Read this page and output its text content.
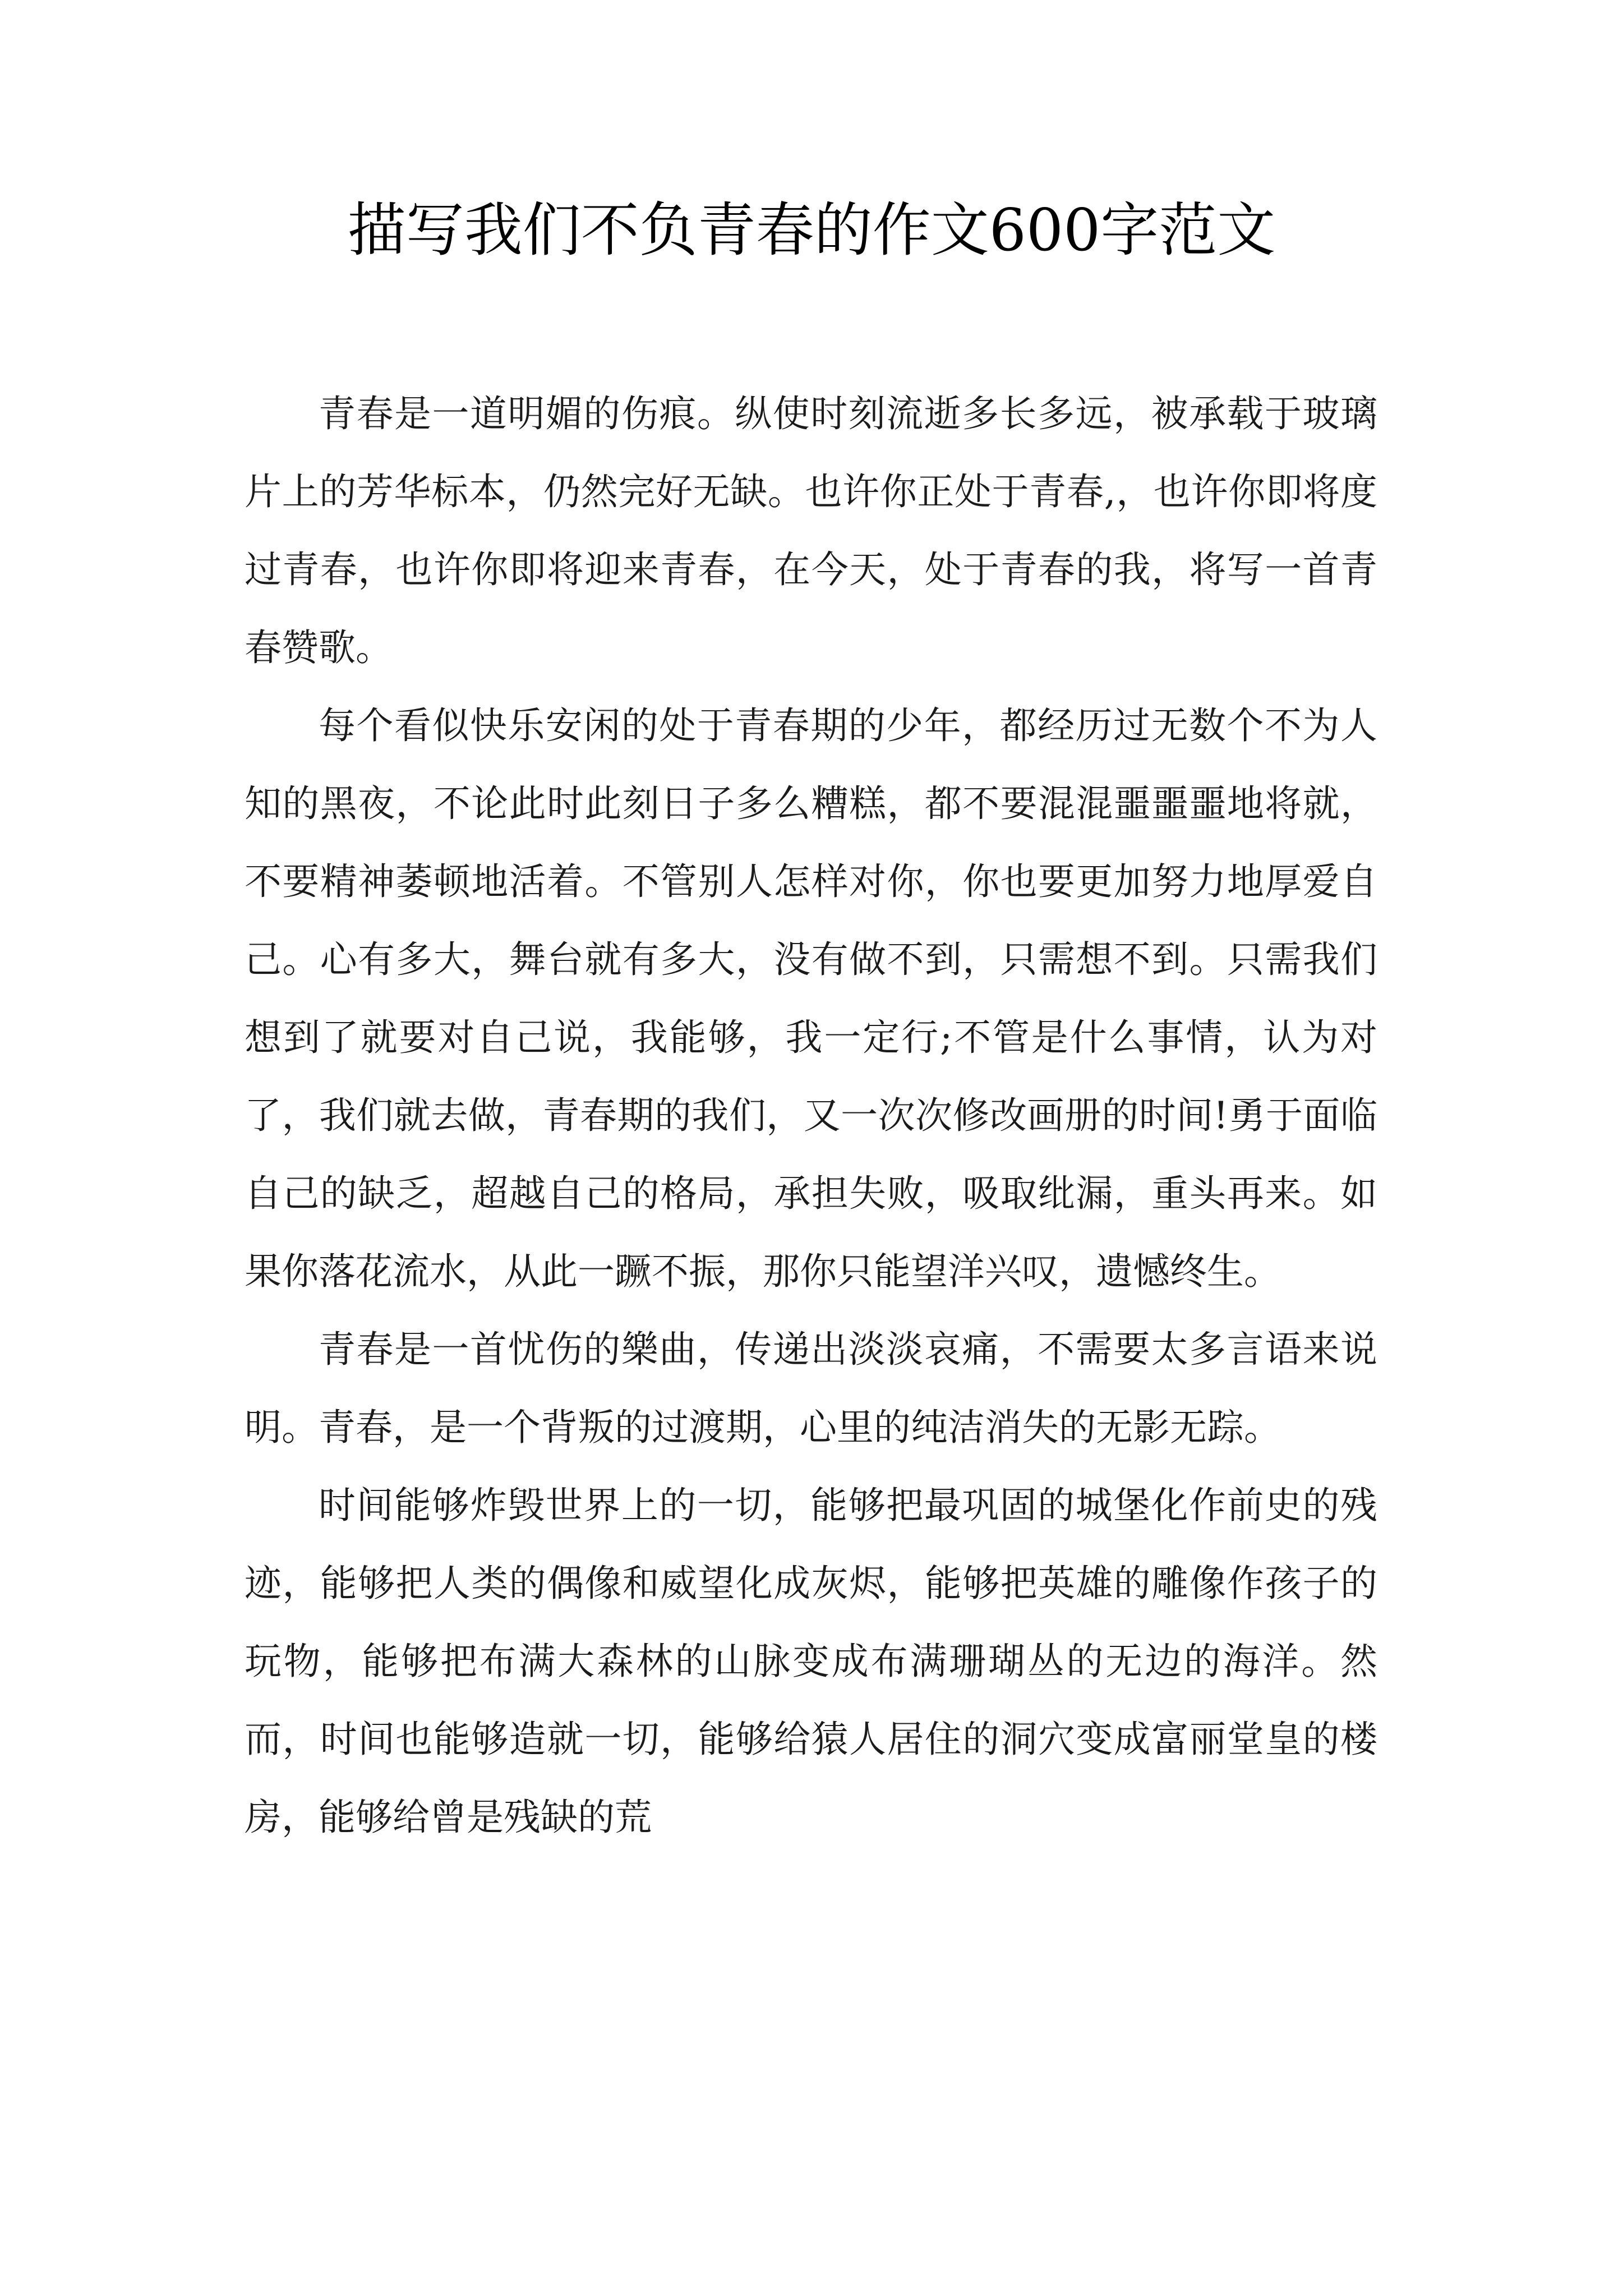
描写我们不负青春的作文600字范文

青春是一道明媚的伤痕。纵使时刻流逝多长多远，被承载于玻璃片上的芳华标本，仍然完好无缺。也许你正处于青春,，也许你即将度过青春，也许你即将迎来青春，在今天，处于青春的我，将写一首青春赞歌。

每个看似快乐安闲的处于青春期的少年，都经历过无数个不为人知的黑夜，不论此时此刻日子多么糟糕，都不要混混噩噩噩地将就，不要精神萎顿地活着。不管别人怎样对你，你也要更加努力地厚爱自己。心有多大，舞台就有多大，没有做不到，只需想不到。只需我们想到了就要对自己说，我能够，我一定行;不管是什么事情，认为对了，我们就去做，青春期的我们，又一次次修改画册的时间!勇于面临自己的缺乏，超越自己的格局，承担失败，吸取纰漏，重头再来。如果你落花流水，从此一蹶不振，那你只能望洋兴叹，遗憾终生。

青春是一首忧伤的樂曲，传递出淡淡哀痛，不需要太多言语来说明。青春，是一个背叛的过渡期，心里的纯洁消失的无影无踪。

时间能够炸毁世界上的一切，能够把最巩固的城堡化作前史的残迹，能够把人类的偶像和威望化成灰烬，能够把英雄的雕像作孩子的玩物，能够把布满大森林的山脉变成布满珊瑚丛的无边的海洋。然而，时间也能够造就一切，能够给猿人居住的洞穴变成富丽堂皇的楼房，能够给曾是残缺的荒
